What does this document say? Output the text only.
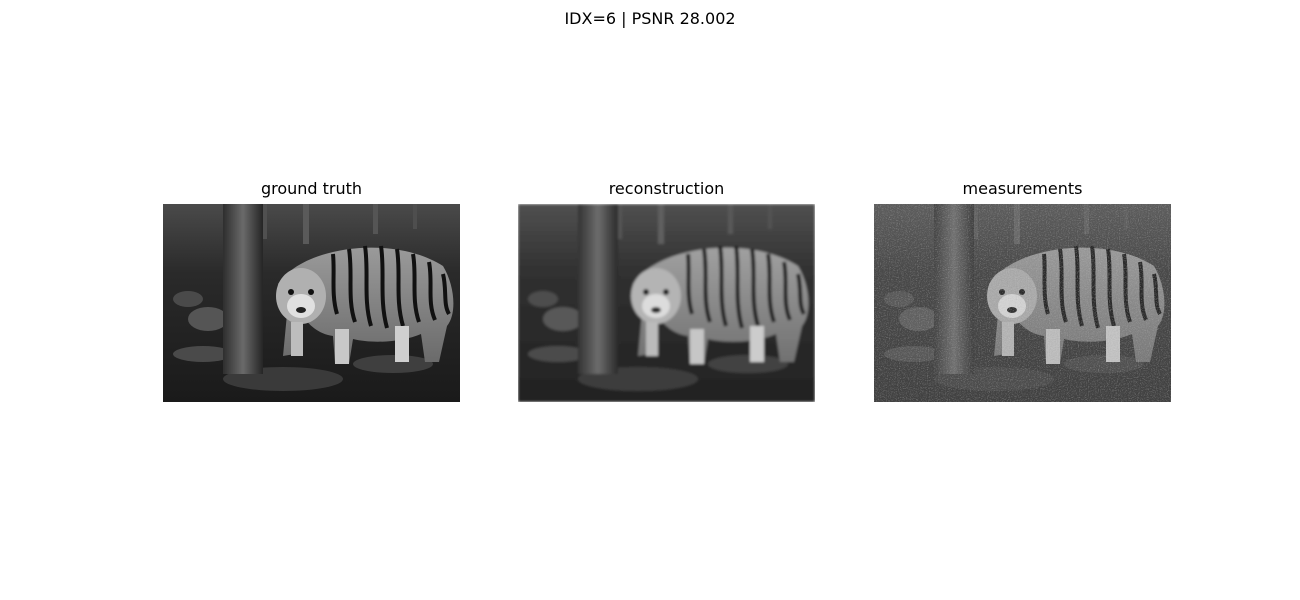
IDX=6 | PSNR 28.002
ground truth	reconstruction	measurements
